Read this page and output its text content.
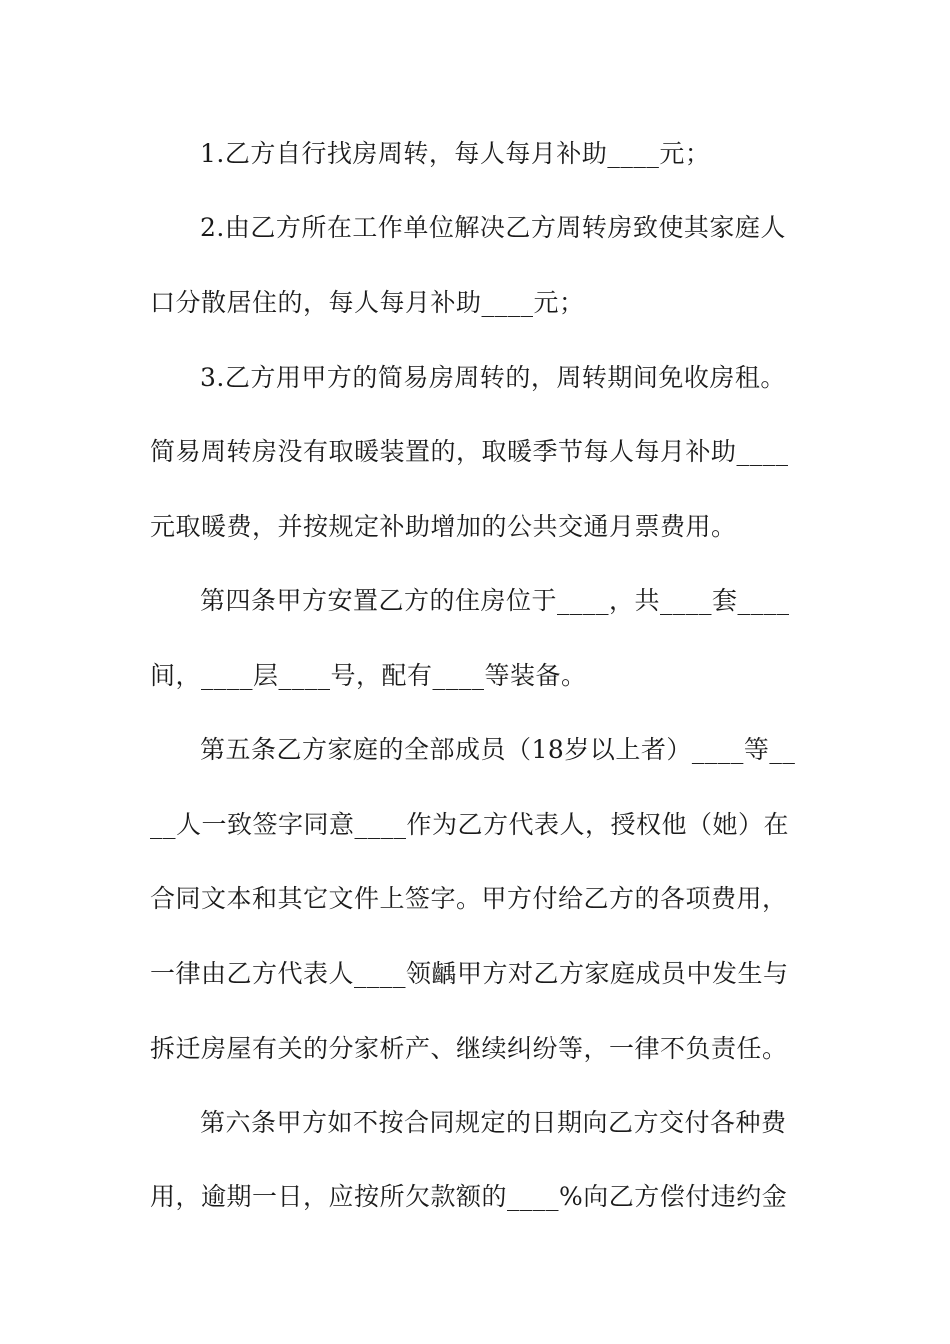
1.乙方自行找房周转，每人每月补助____元；
2.由乙方所在工作单位解决乙方周转房致使其家庭人
口分散居住的，每人每月补助____元；
3.乙方用甲方的简易房周转的，周转期间免收房租。
简易周转房没有取暖装置的，取暖季节每人每月补助____
元取暖费，并按规定补助增加的公共交通月票费用。
第四条甲方安置乙方的住房位于____，共____套____
间，____层____号，配有____等装备。
第五条乙方家庭的全部成员（18岁以上者）____等__
__人一致签字同意____作为乙方代表人，授权他（她）在
合同文本和其它文件上签字。甲方付给乙方的各项费用，
一律由乙方代表人____领齲甲方对乙方家庭成员中发生与
拆迁房屋有关的分家析产、继续纠纷等，一律不负责任。
第六条甲方如不按合同规定的日期向乙方交付各种费
用，逾期一日，应按所欠款额的____%向乙方偿付违约金
